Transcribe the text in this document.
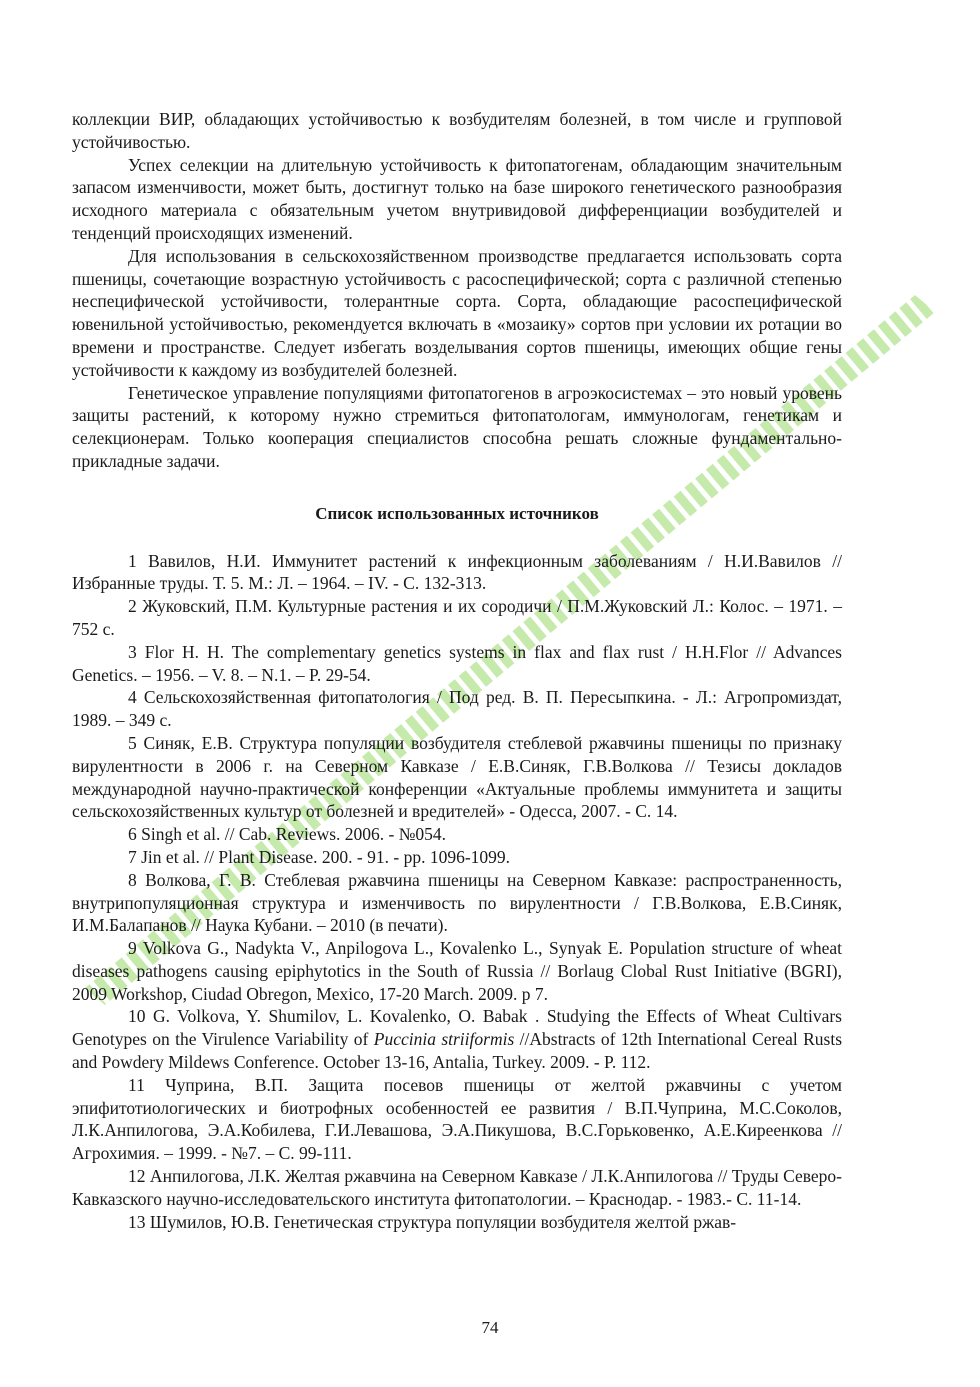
коллекции ВИР, обладающих устойчивостью к возбудителям болезней, в том числе и групповой устойчивостью.

Успех селекции на длительную устойчивость к фитопатогенам, обладающим значительным запасом изменчивости, может быть, достигнут только на базе широкого генетического разнообразия исходного материала с обязательным учетом внутривидовой дифференциации возбудителей и тенденций происходящих изменений.

Для использования в сельскохозяйственном производстве предлагается использовать сорта пшеницы, сочетающие возрастную устойчивость с расоспецифической; сорта с различной степенью неспецифической устойчивости, толерантные сорта. Сорта, обладающие расоспецифической ювенильной устойчивостью, рекомендуется включать в «мозаику» сортов при условии их ротации во времени и пространстве. Следует избегать возделывания сортов пшеницы, имеющих общие гены устойчивости к каждому из возбудителей болезней.

Генетическое управление популяциями фитопатогенов в агроэкосистемах – это новый уровень защиты растений, к которому нужно стремиться фитопатологам, иммунологам, генетикам и селекционерам. Только кооперация специалистов способна решать сложные фундаментально-прикладные задачи.

Список использованных источников

1 Вавилов, Н.И. Иммунитет растений к инфекционным заболеваниям / Н.И.Вавилов // Избранные труды. Т. 5. М.: Л. – 1964. – IV. - С. 132-313.

2 Жуковский, П.М. Культурные растения и их сородичи / П.М.Жуковский Л.: Колос. – 1971. – 752 с.

3 Flor H. H. The complementary genetics systems in flax and flax rust / H.H.Flor // Advances Genetics. – 1956. – V. 8. – N.1. – P. 29-54.

4 Сельскохозяйственная фитопатология / Под ред. В. П. Пересыпкина. - Л.: Агропромиздат, 1989. – 349 с.

5 Синяк, Е.В. Структура популяции возбудителя стеблевой ржавчины пшеницы по признаку вирулентности в 2006 г. на Северном Кавказе / Е.В.Синяк, Г.В.Волкова // Тезисы докладов международной научно-практической конференции «Актуальные проблемы иммунитета и защиты сельскохозяйственных культур от болезней и вредителей» - Одесса, 2007. - С. 14.

6 Singh et al. // Cab. Reviews. 2006. - №054.

7 Jin et al. // Plant Disease. 200. - 91. - pp. 1096-1099.

8 Волкова, Г. В. Стеблевая ржавчина пшеницы на Северном Кавказе: распространенность, внутрипопуляционная структура и изменчивость по вирулентности / Г.В.Волкова, Е.В.Синяк, И.М.Балапанов // Наука Кубани. – 2010 (в печати).

9 Volkova G., Nadykta V., Anpilogova L., Kovalenko L., Synyak E. Population structure of wheat diseases pathogens causing epiphytotics in the South of Russia // Borlaug Clobal Rust Initiative (BGRI), 2009 Workshop, Ciudad Obregon, Mexico, 17-20 March. 2009. p 7.

10 G. Volkova, Y. Shumilov, L. Kovalenko, O. Babak . Studying the Effects of Wheat Cultivars Genotypes on the Virulence Variability of Puccinia striiformis //Abstracts of 12th International Cereal Rusts and Powdery Mildews Conference. October 13-16, Antalia, Turkey. 2009. - P. 112.

11 Чуприна, В.П. Защита посевов пшеницы от желтой ржавчины с учетом эпифитотиологических и биотрофных особенностей ее развития / В.П.Чуприна, М.С.Соколов, Л.К.Анпилогова, Э.А.Кобилева, Г.И.Левашова, Э.А.Пикушова, В.С.Горьковенко, А.Е.Киреенкова // Агрохимия. – 1999. - №7. – С. 99-111.

12 Анпилогова, Л.К. Желтая ржавчина на Северном Кавказе / Л.К.Анпилогова // Труды Северо-Кавказского научно-исследовательского института фитопатологии. – Краснодар. - 1983.- С. 11-14.

13 Шумилов, Ю.В. Генетическая структура популяции возбудителя желтой ржав-

74
